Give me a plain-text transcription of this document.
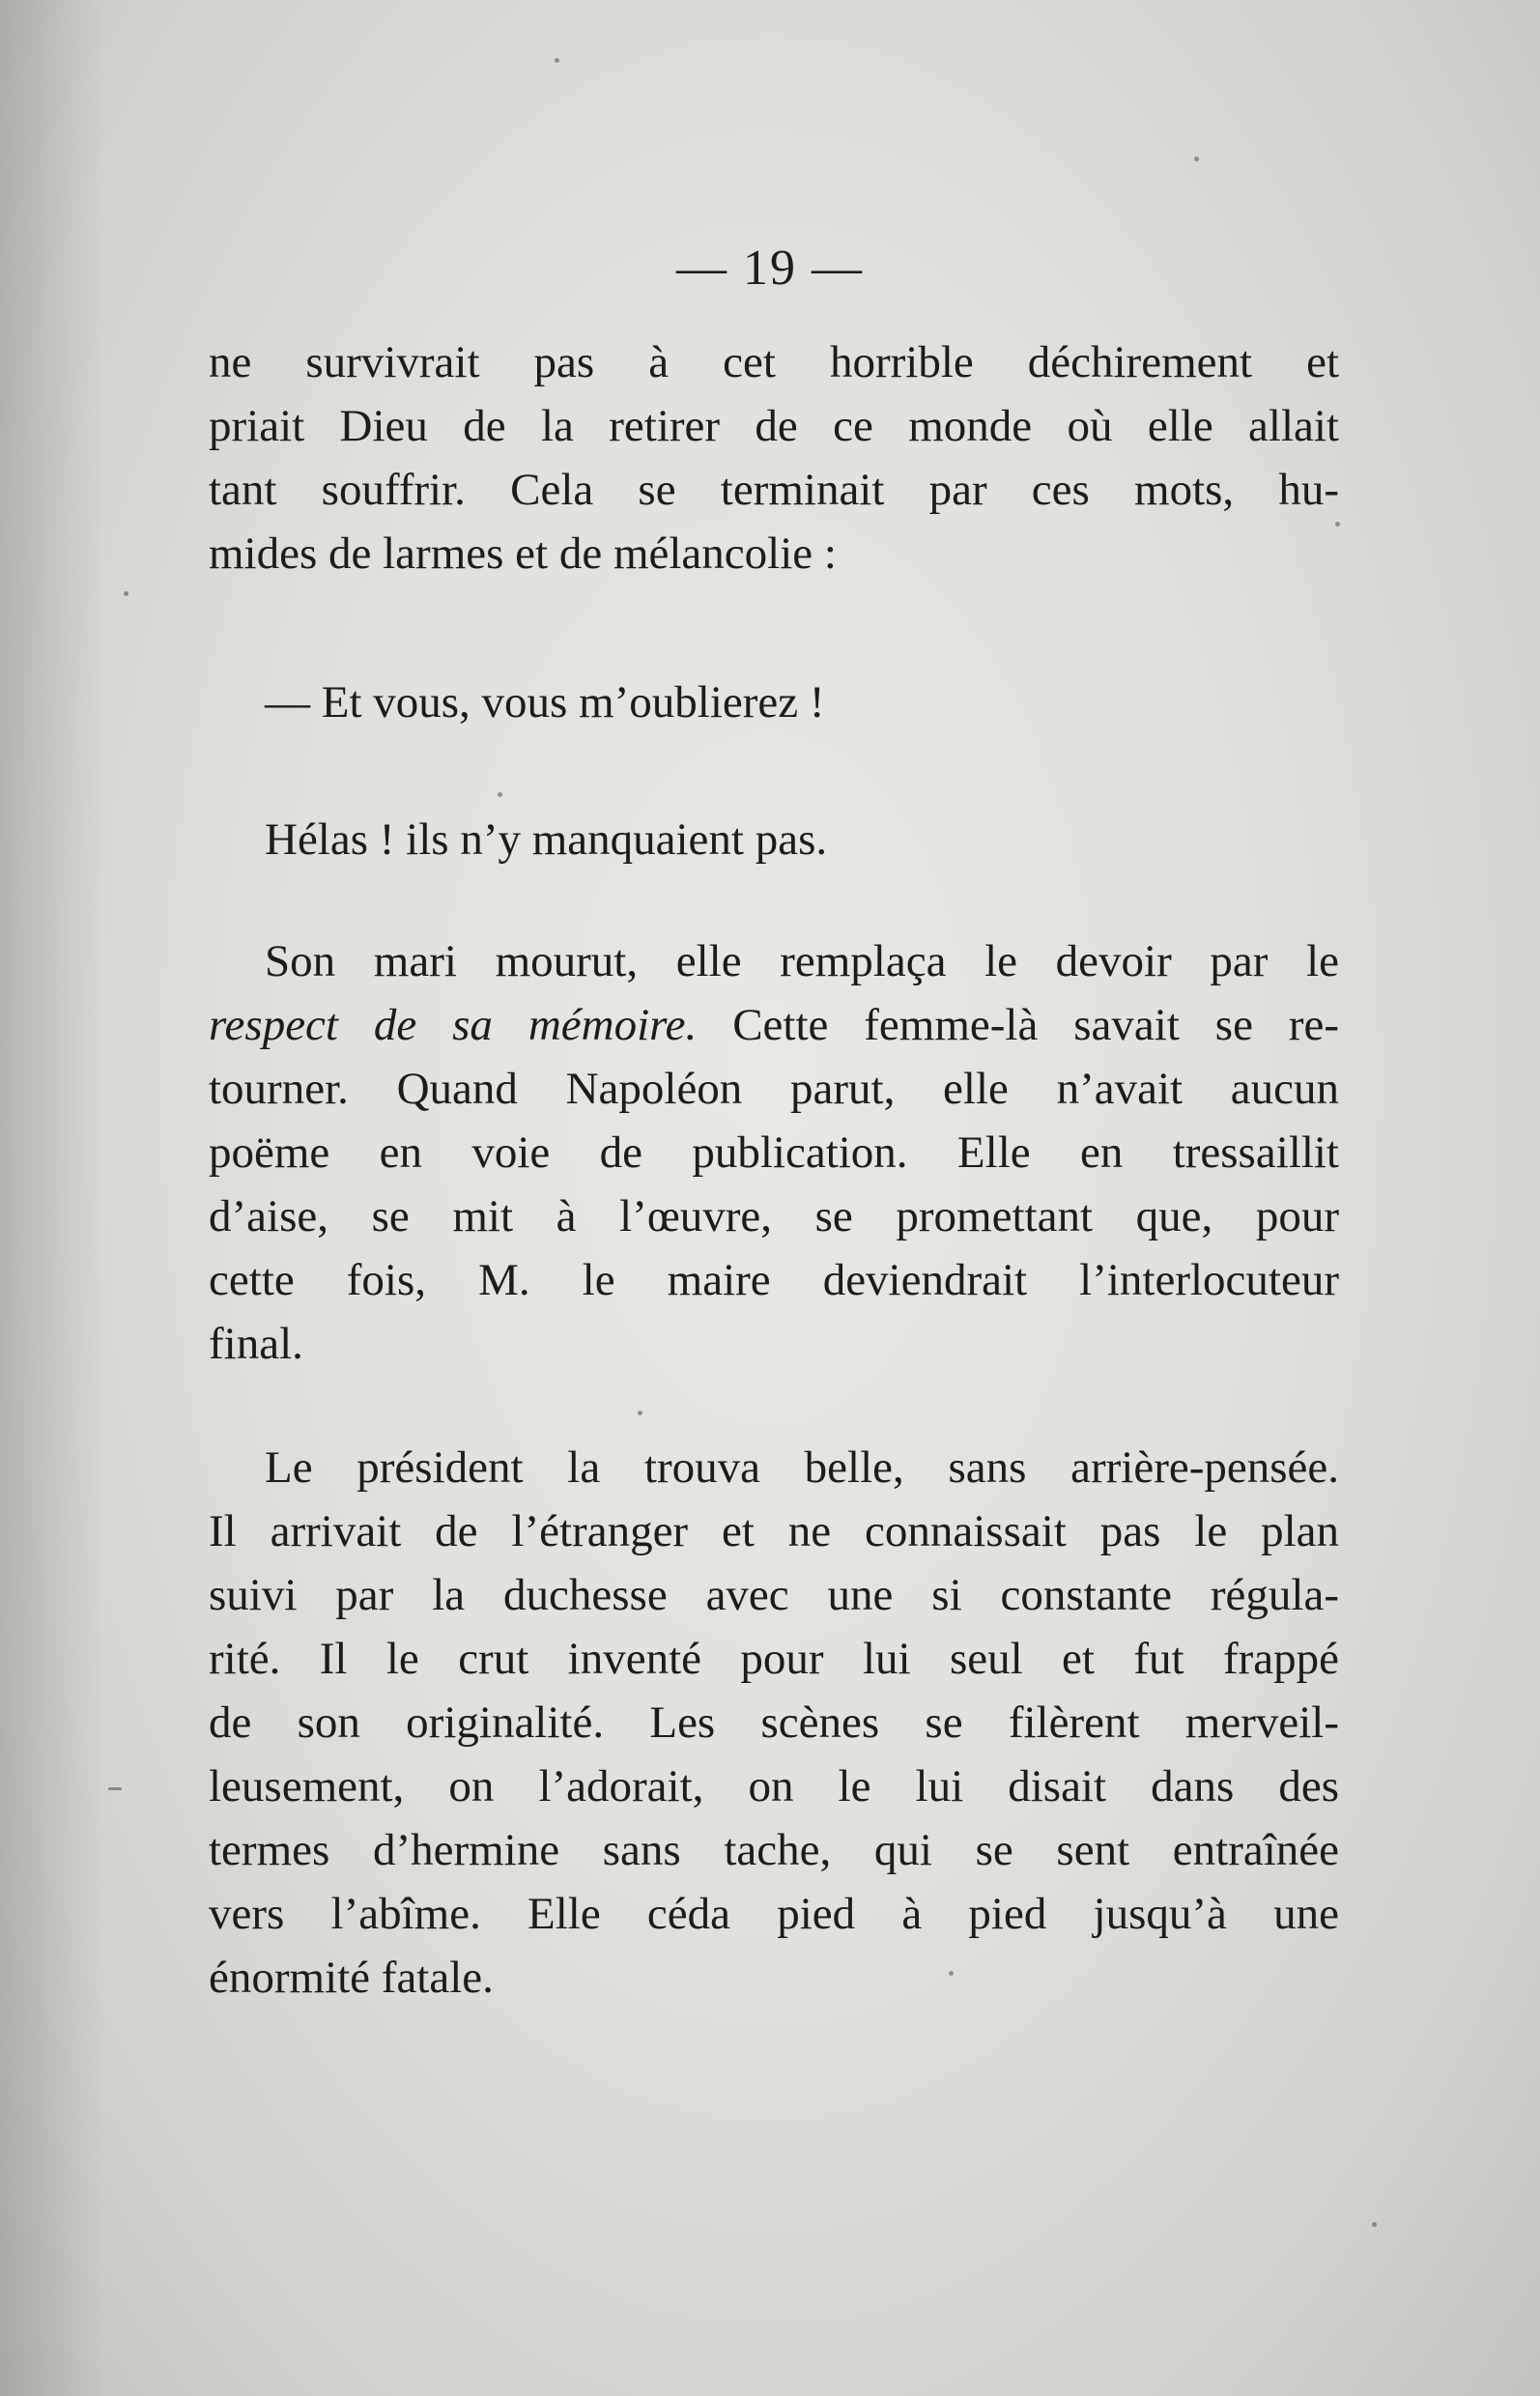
— 19 —
ne survivrait pas à cet horrible déchirement et
priait Dieu de la retirer de ce monde où elle allait
tant souffrir. Cela se terminait par ces mots, hu-
mides de larmes et de mélancolie :
— Et vous, vous m’oublierez !
Hélas ! ils n’y manquaient pas.
Son mari mourut, elle remplaça le devoir par le
respect de sa mémoire. Cette femme-là savait se re-
tourner. Quand Napoléon parut, elle n’avait aucun
poëme en voie de publication. Elle en tressaillit
d’aise, se mit à l’œuvre, se promettant que, pour
cette fois, M. le maire deviendrait l’interlocuteur
final.
Le président la trouva belle, sans arrière-pensée.
Il arrivait de l’étranger et ne connaissait pas le plan
suivi par la duchesse avec une si constante régula-
rité. Il le crut inventé pour lui seul et fut frappé
de son originalité. Les scènes se filèrent merveil-
leusement, on l’adorait, on le lui disait dans des
termes d’hermine sans tache, qui se sent entraînée
vers l’abîme. Elle céda pied à pied jusqu’à une
énormité fatale.
